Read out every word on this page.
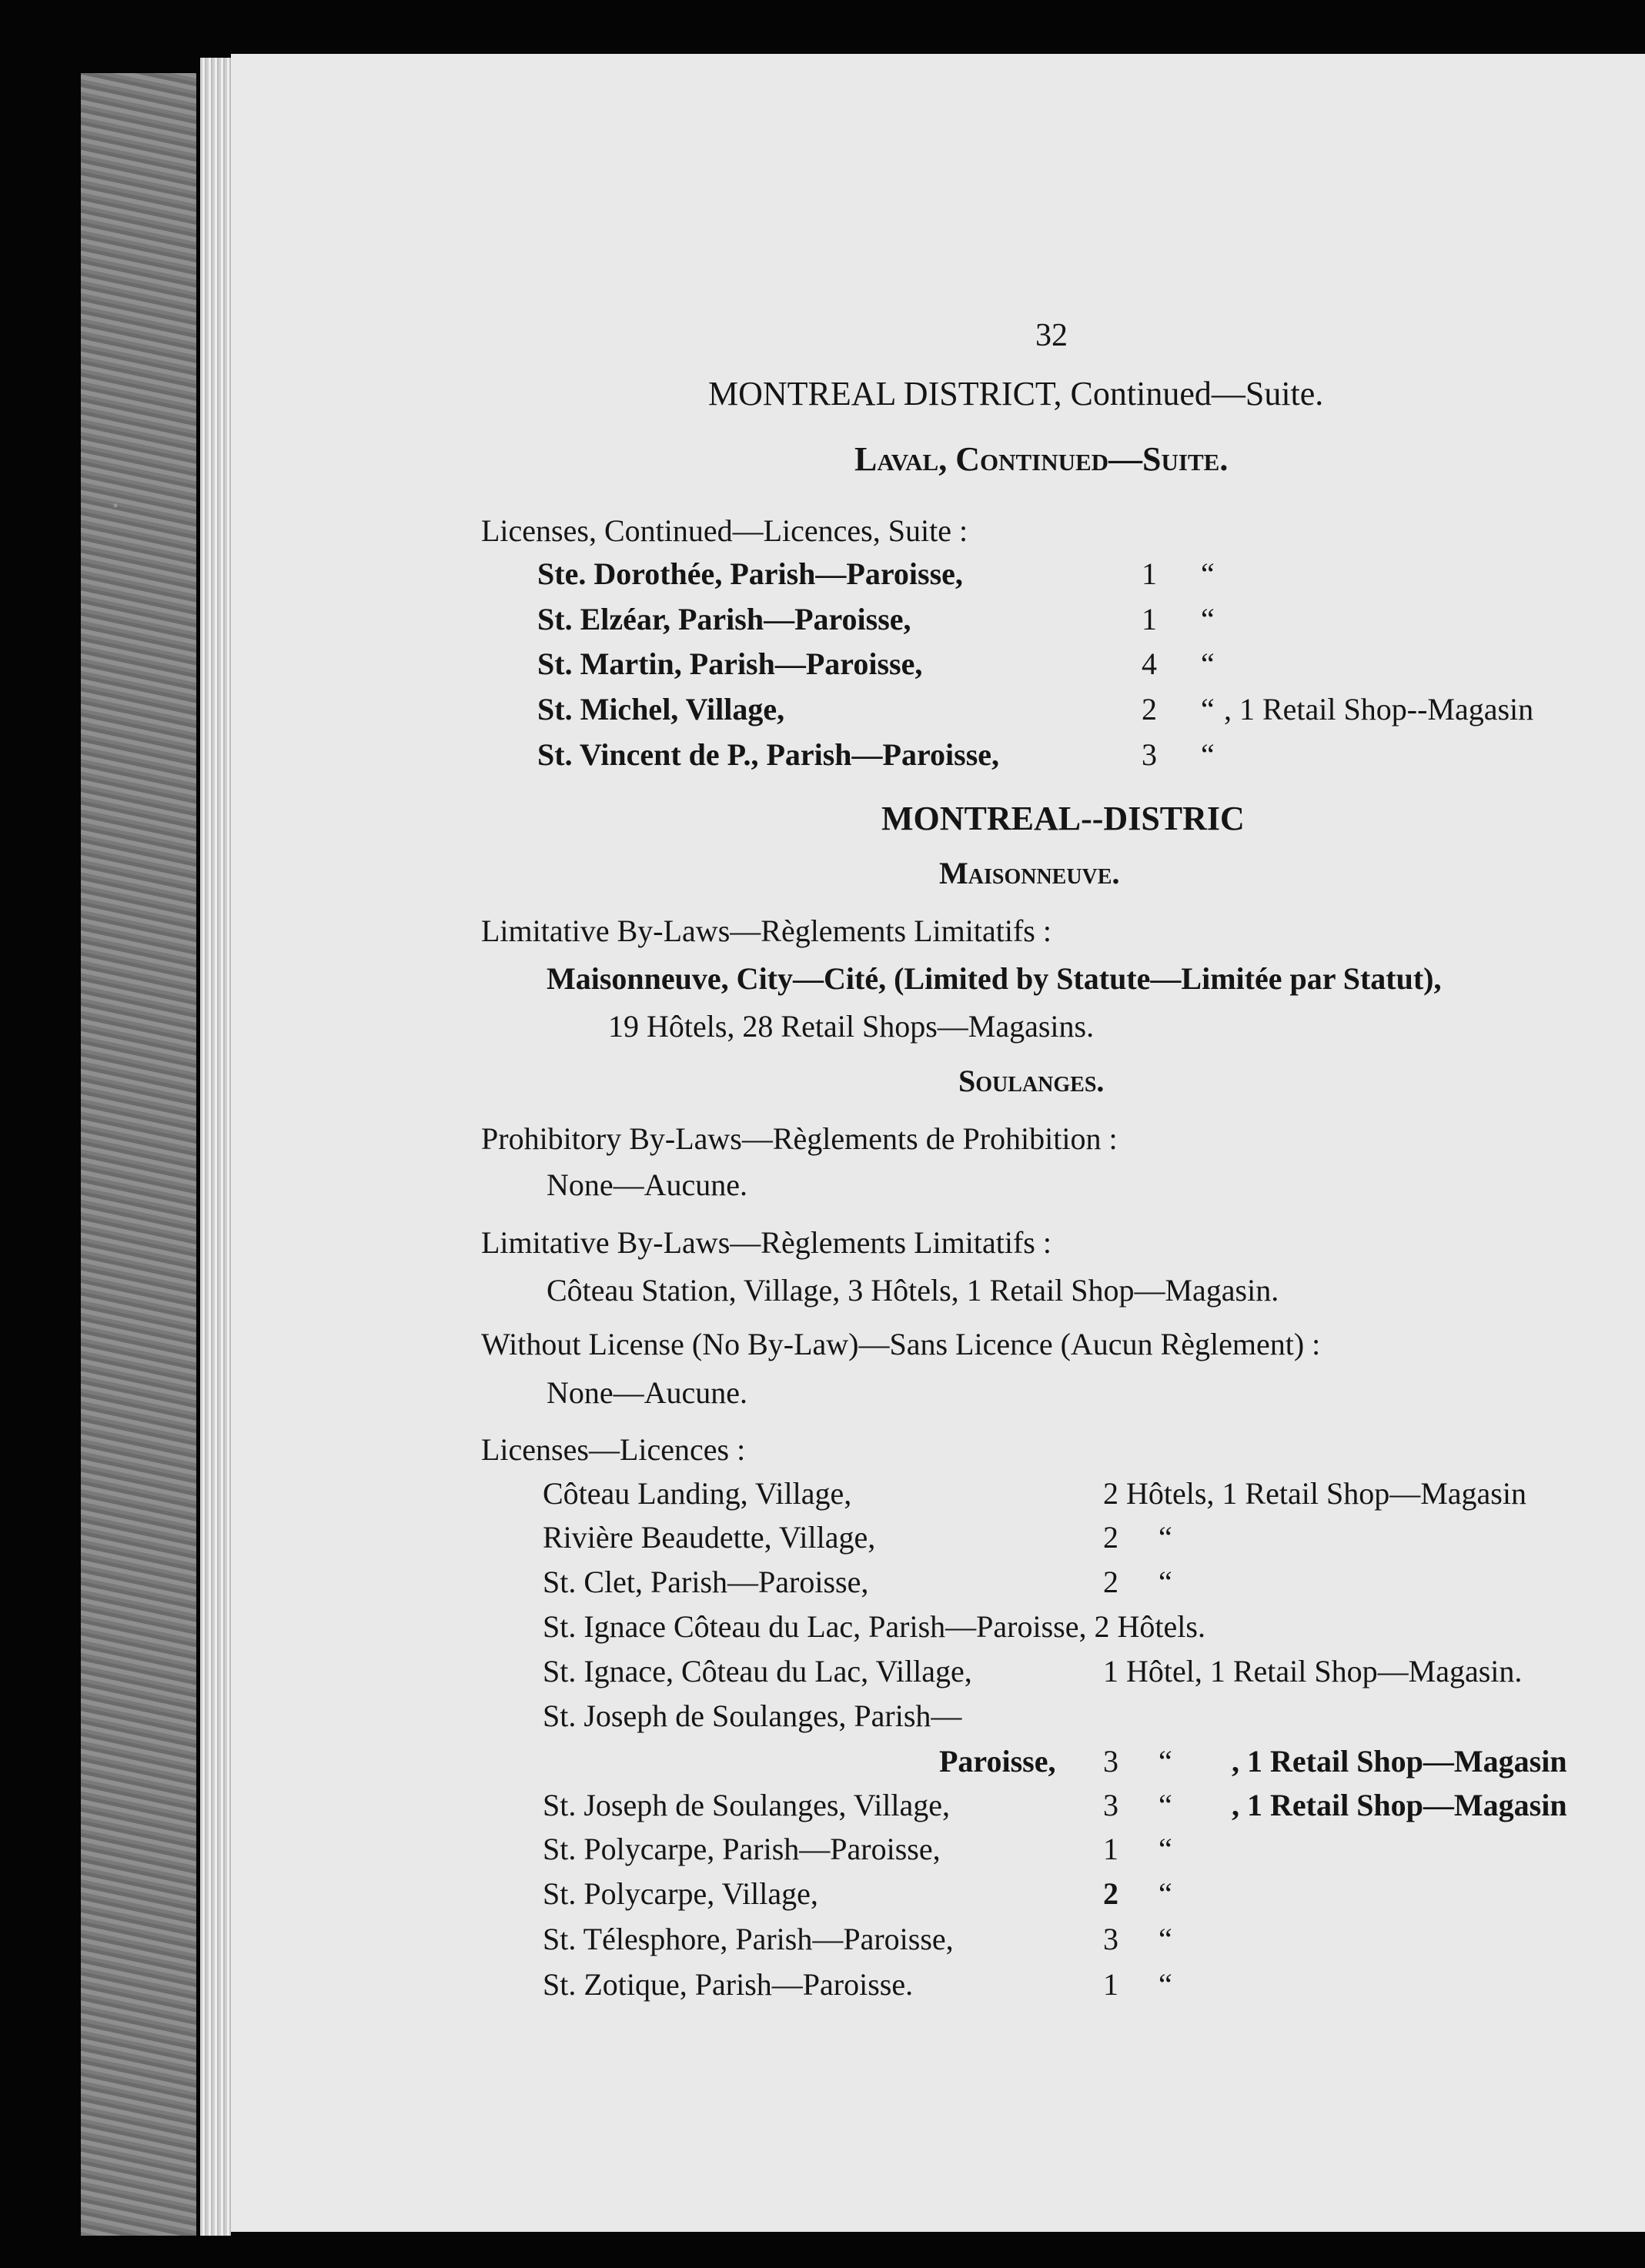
32
MONTREAL DISTRICT, Continued—Suite.
Laval, Continued—Suite.
Licenses, Continued—Licences, Suite :
Ste. Dorothée, Parish—Paroisse,	1 “
St. Elzéar, Parish—Paroisse,	1 “
St. Martin, Parish—Paroisse,	4 “
St. Michel, Village,	2 “ , 1 Retail Shop--Magasin
St. Vincent de P., Parish—Paroisse,	3 “
MONTREAL--DISTRIC
Maisonneuve.
Limitative By-Laws—Règlements Limitatifs :
Maisonneuve, City—Cité, (Limited by Statute—Limitée par Statut),
19 Hôtels, 28 Retail Shops—Magasins.
Soulanges.
Prohibitory By-Laws—Règlements de Prohibition :
None—Aucune.
Limitative By-Laws—Règlements Limitatifs :
Côteau Station, Village, 3 Hôtels, 1 Retail Shop—Magasin.
Without License (No By-Law)—Sans Licence (Aucun Règlement) :
None—Aucune.
Licenses—Licences :
Côteau Landing, Village,	2 Hôtels, 1 Retail Shop—Magasin
Rivière Beaudette, Village,	2 “
St. Clet, Parish—Paroisse,	2 “
St. Ignace Côteau du Lac, Parish—Paroisse, 2 Hôtels.
St. Ignace, Côteau du Lac, Village,	1 Hôtel, 1 Retail Shop—Magasin.
St. Joseph de Soulanges, Parish—
Paroisse, 3 “ , 1 Retail Shop—Magasin
St. Joseph de Soulanges, Village,	3 “ , 1 Retail Shop—Magasin
St. Polycarpe, Parish—Paroisse,	1 “
St. Polycarpe, Village,	2 “
St. Télesphore, Parish—Paroisse,	3 “
St. Zotique, Parish—Paroisse.	1 “
